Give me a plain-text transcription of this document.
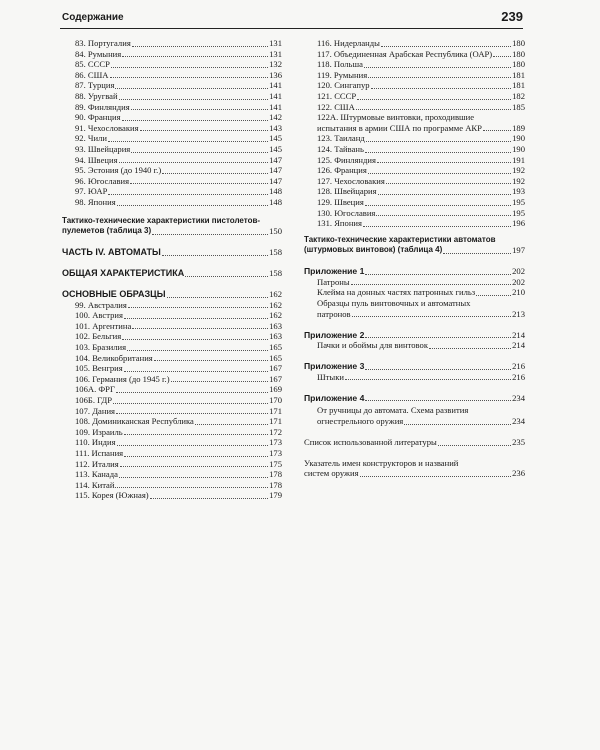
Содержание	239
83. Португалия	131
84. Румыния	131
85. СССР	132
86. США	136
87. Турция	141
88. Уругвай	141
89. Финляндия	141
90. Франция	142
91. Чехословакия	143
92. Чили	145
93. Швейцария	145
94. Швеция	147
95. Эстония (до 1940 г.)	147
96. Югославия	147
97. ЮАР	148
98. Япония	148
Тактико-технические характеристики пистолетов-
пулеметов (таблица 3)	150
ЧАСТЬ IV. АВТОМАТЫ	158
ОБЩАЯ ХАРАКТЕРИСТИКА	158
ОСНОВНЫЕ ОБРАЗЦЫ	162
99. Австралия	162
100. Австрия	162
101. Аргентина	163
102. Бельгия	163
103. Бразилия	165
104. Великобритания	165
105. Венгрия	167
106. Германия (до 1945 г.)	167
106А. ФРГ	169
106Б. ГДР	170
107. Дания	171
108. Доминиканская Республика	171
109. Израиль	172
110. Индия	173
111. Испания	173
112. Италия	175
113. Канада	178
114. Китай	178
115. Корея (Южная)	179
116. Нидерланды	180
117. Объединенная Арабская Республика (ОАР) 180
118. Польша	180
119. Румыния	181
120. Сингапур	181
121. СССР	182
122. США	185
122А. Штурмовые винтовки, проходившие
испытания в армии США по программе АКР	189
123. Таиланд	190
124. Тайвань	190
125. Финляндия	191
126. Франция	192
127. Чехословакия	192
128. Швейцария	193
129. Швеция	195
130. Югославия	195
131. Япония	196
Тактико-технические характеристики автоматов
(штурмовых винтовок) (таблица 4)	197
Приложение 1	202
Патроны	202
Клейма на донных частях патронных гильз	210
Образцы пуль винтовочных и автоматных
патронов	213
Приложение 2	214
Пачки и обоймы для винтовок	214
Приложение 3	216
Штыки	216
Приложение 4	234
От ручницы до автомата. Схема развития
огнестрельного оружия	234
Список использованной литературы	235
Указатель имен конструкторов и названий
систем оружия	236
